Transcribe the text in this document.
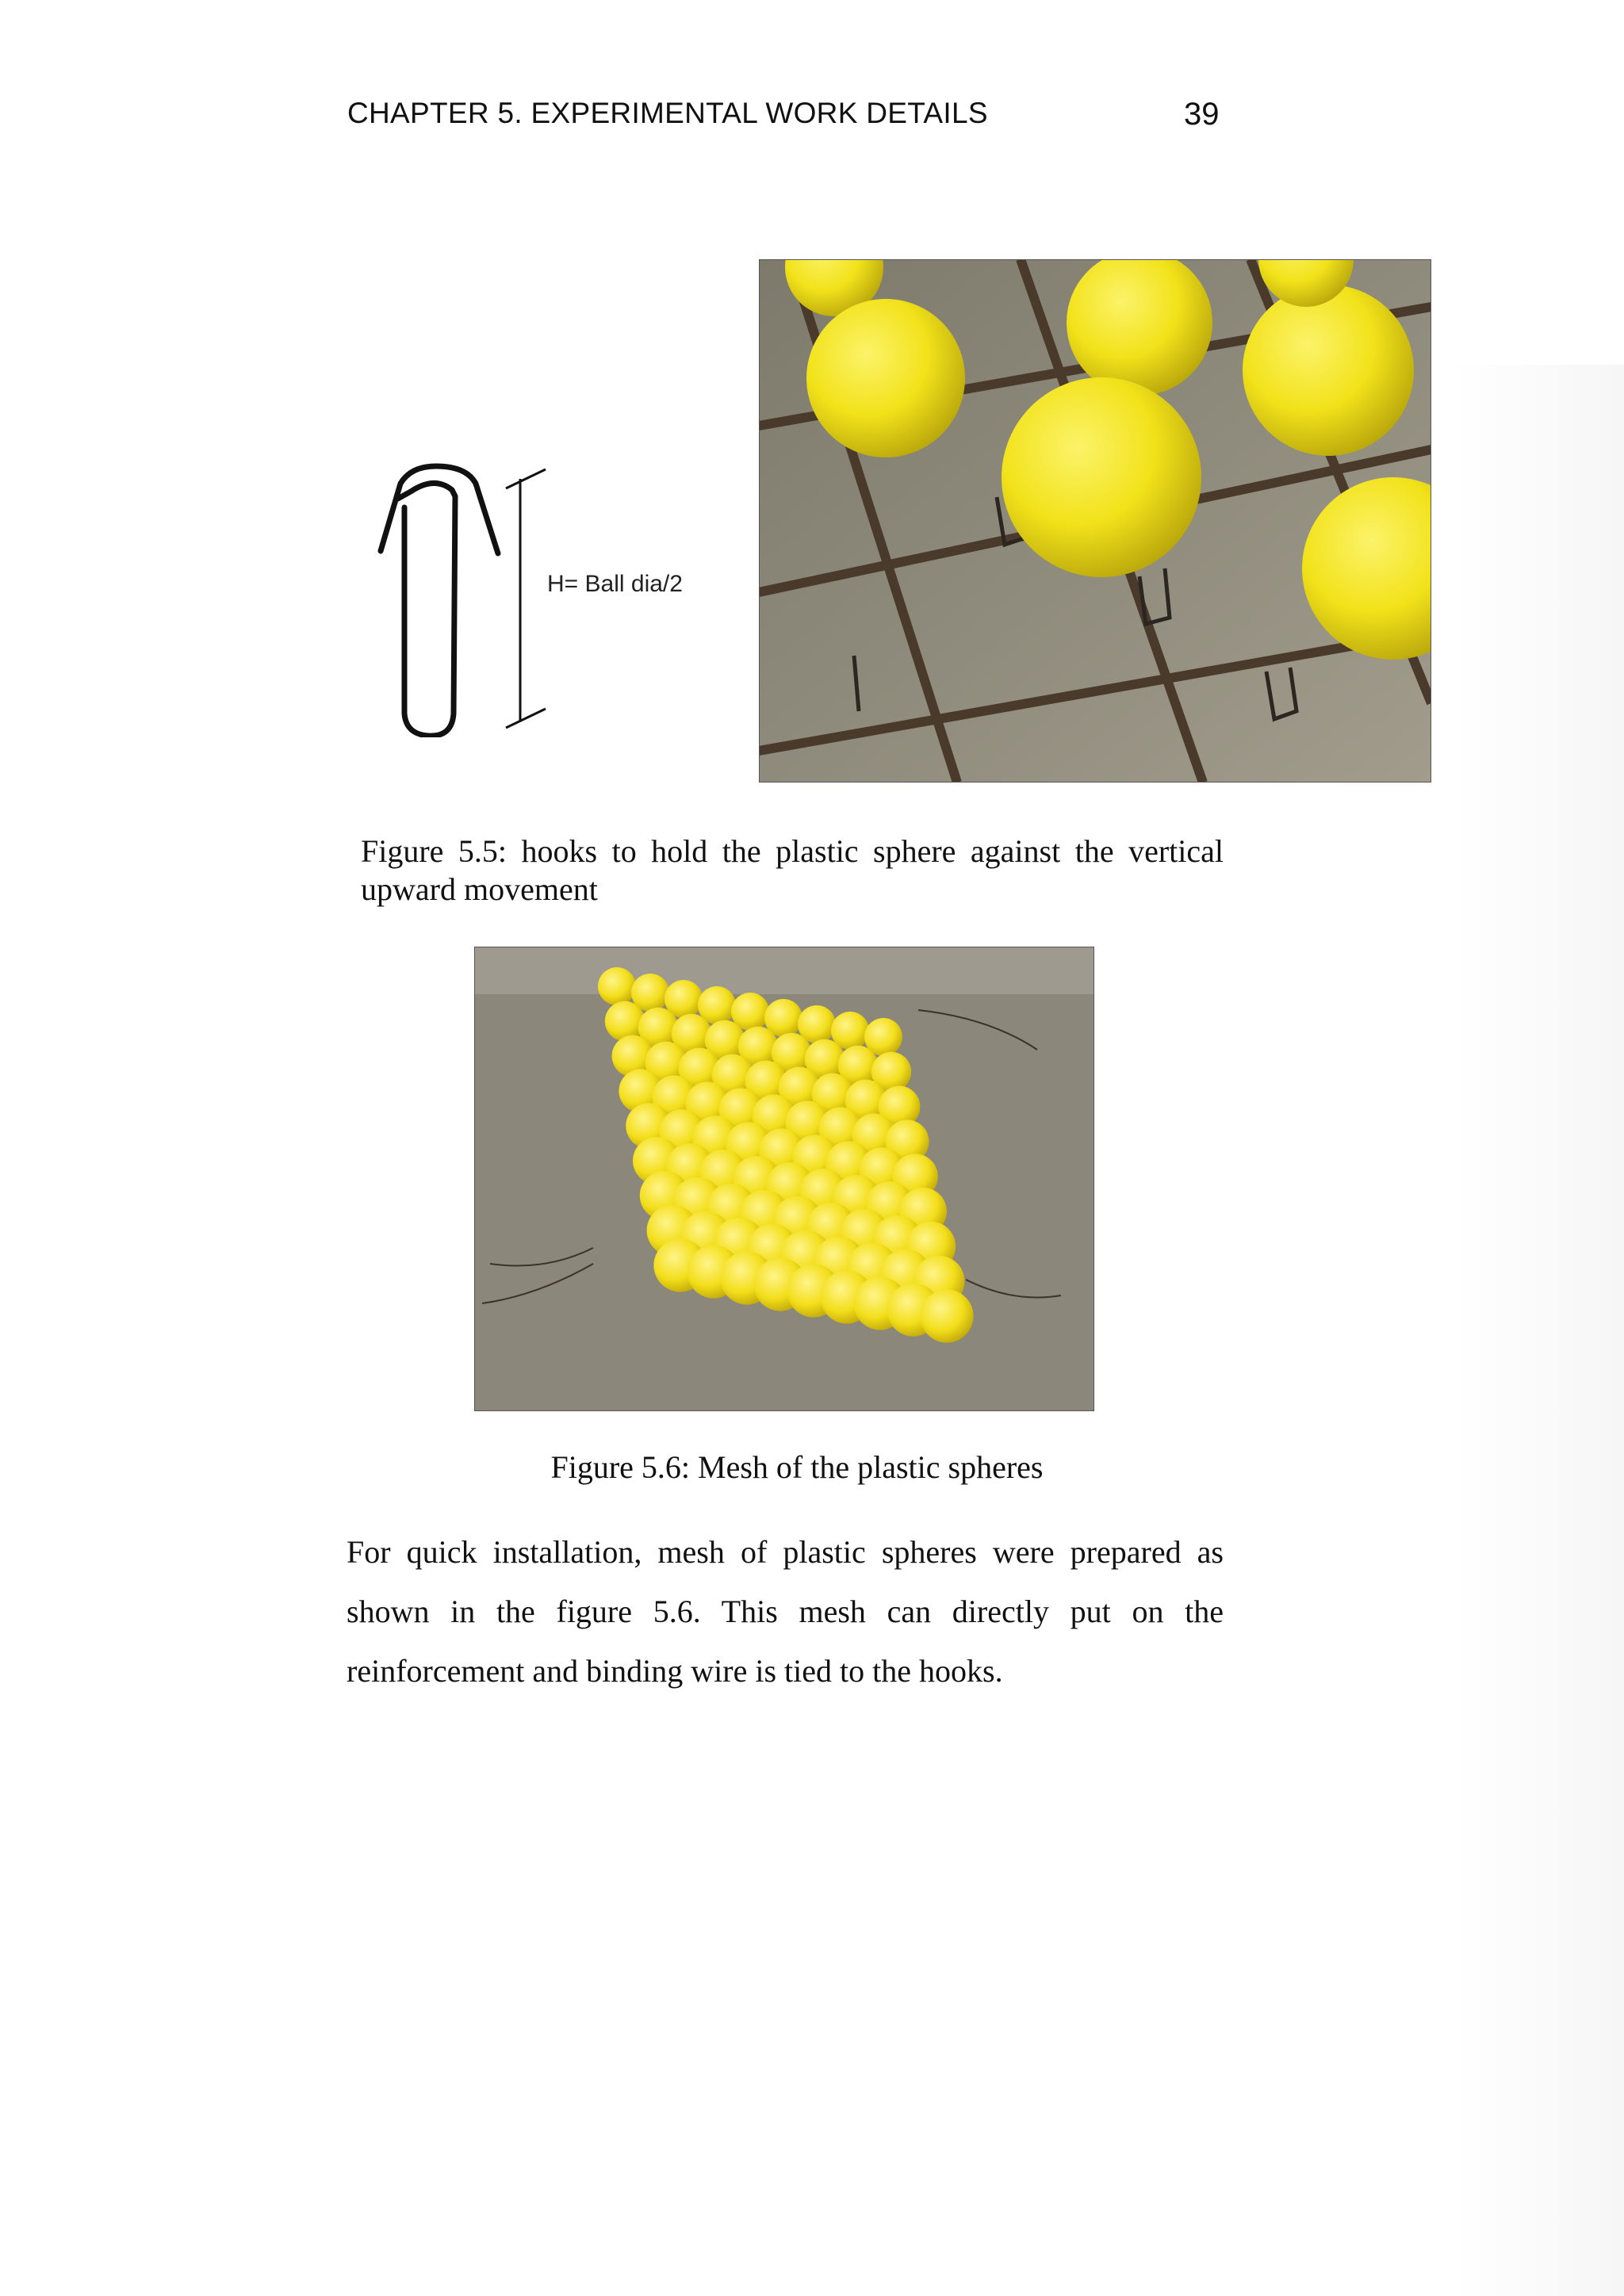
CHAPTER 5. EXPERIMENTAL WORK DETAILS	39
H= Ball dia/2
Figure 5.5: hooks to hold the plastic sphere against the vertical upward movement
Figure 5.6: Mesh of the plastic spheres
For quick installation, mesh of plastic spheres were prepared as shown in the figure 5.6. This mesh can directly put on the reinforcement and binding wire is tied to the hooks.
